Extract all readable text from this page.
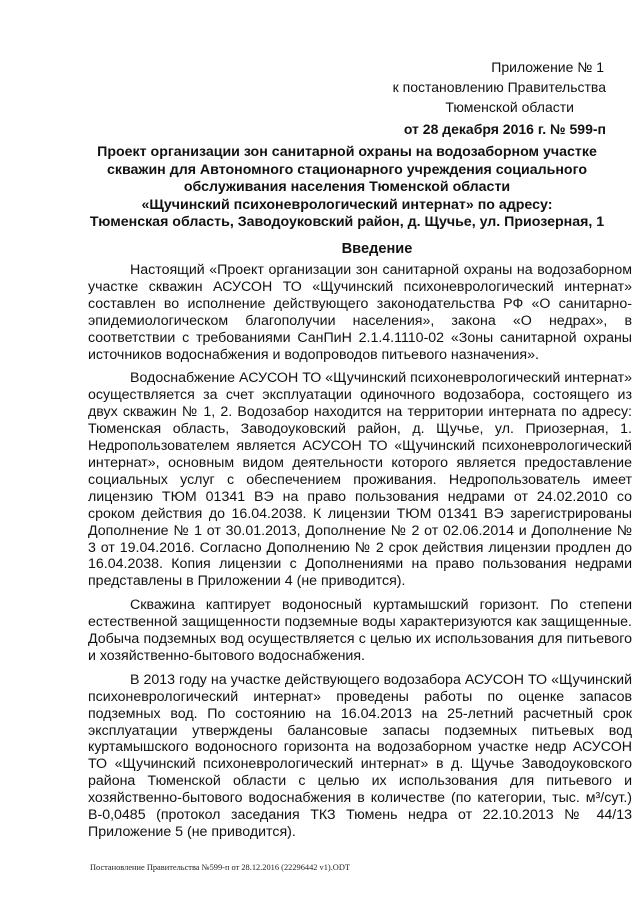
Приложение № 1
к постановлению Правительства
Тюменской области
от 28 декабря 2016 г. № 599-п
Проект организации зон санитарной охраны на водозаборном участке
скважин для Автономного стационарного учреждения социального
обслуживания населения Тюменской области
«Щучинский психоневрологический интернат» по адресу:
Тюменская область, Заводоуковский район, д. Щучье, ул. Приозерная, 1
Введение

Настоящий «Проект организации зон санитарной охраны на водозаборном участке скважин АСУСОН ТО «Щучинский психоневрологический интернат» составлен во исполнение действующего законодательства РФ «О санитарно-эпидемиологическом благополучии населения», закона «О недрах», в соответствии с требованиями СанПиН 2.1.4.1110-02 «Зоны санитарной охраны источников водоснабжения и водопроводов питьевого назначения».

Водоснабжение АСУСОН ТО «Щучинский психоневрологический интернат» осуществляется за счет эксплуатации одиночного водозабора, состоящего из двух скважин № 1, 2. Водозабор находится на территории интерната по адресу: Тюменская область, Заводоуковский район, д. Щучье, ул. Приозерная, 1. Недропользователем является АСУСОН ТО «Щучинский психоневрологический интернат», основным видом деятельности которого является предоставление социальных услуг с обеспечением проживания. Недропользователь имеет лицензию ТЮМ 01341 ВЭ на право пользования недрами от 24.02.2010 со сроком действия до 16.04.2038. К лицензии ТЮМ 01341 ВЭ зарегистрированы Дополнение № 1 от 30.01.2013, Дополнение № 2 от 02.06.2014 и Дополнение № 3 от 19.04.2016. Согласно Дополнению № 2 срок действия лицензии продлен до 16.04.2038. Копия лицензии с Дополнениями на право пользования недрами представлены в Приложении 4 (не приводится).

Скважина каптирует водоносный куртамышский горизонт. По степени естественной защищенности подземные воды характеризуются как защищенные. Добыча подземных вод осуществляется с целью их использования для питьевого и хозяйственно-бытового водоснабжения.

В 2013 году на участке действующего водозабора АСУСОН ТО «Щучинский психоневрологический интернат» проведены работы по оценке запасов подземных вод. По состоянию на 16.04.2013 на 25-летний расчетный срок эксплуатации утверждены балансовые запасы подземных питьевых вод куртамышского водоносного горизонта на водозаборном участке недр АСУСОН ТО «Щучинский психоневрологический интернат» в д. Щучье Заводоуковского района Тюменской области с целью их использования для питьевого и хозяйственно-бытового водоснабжения в количестве (по категории, тыс. м³/сут.) В-0,0485 (протокол заседания ТКЗ Тюмень недра от 22.10.2013 № 44/13 Приложение 5 (не приводится).

Постановление Правительства №599-п от 28.12.2016 (22296442 v1).ODT
